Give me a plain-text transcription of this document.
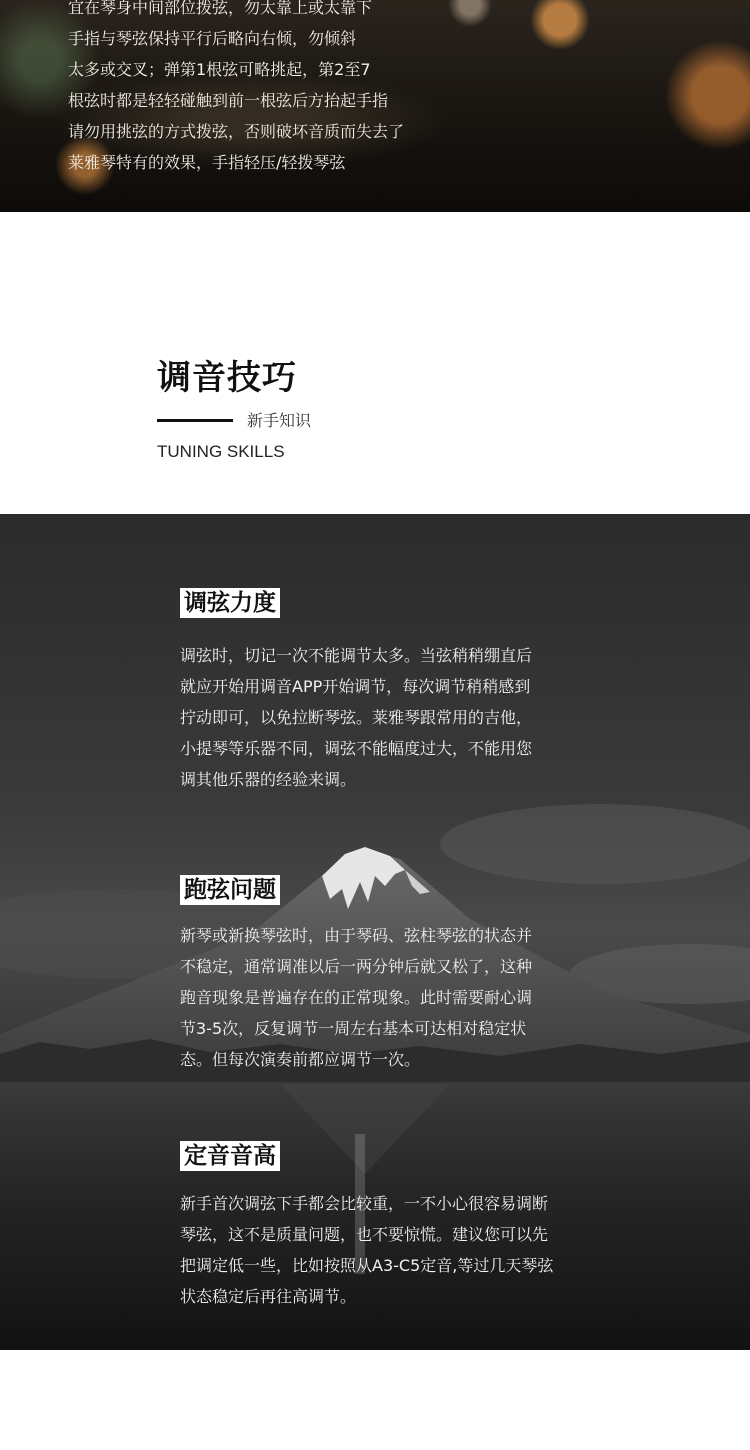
宜在琴身中间部位拨弦，勿太靠上或太靠下
手指与琴弦保持平行后略向右倾，勿倾斜
太多或交叉；弹第1根弦可略挑起，第2至7
根弦时都是轻轻碰触到前一根弦后方抬起手指
请勿用挑弦的方式拨弦，否则破坏音质而失去了
莱雅琴特有的效果，手指轻压/轻拨琴弦
调音技巧
新手知识
TUNING SKILLS
调弦力度
调弦时，切记一次不能调节太多。当弦稍稍绷直后
就应开始用调音APP开始调节，每次调节稍稍感到
拧动即可，以免拉断琴弦。莱雅琴跟常用的吉他，
小提琴等乐器不同，调弦不能幅度过大，不能用您
调其他乐器的经验来调。
跑弦问题
新琴或新换琴弦时，由于琴码、弦柱琴弦的状态并
不稳定，通常调准以后一两分钟后就又松了，这种
跑音现象是普遍存在的正常现象。此时需要耐心调
节3-5次，反复调节一周左右基本可达相对稳定状
态。但每次演奏前都应调节一次。
定音音高
新手首次调弦下手都会比较重，一不小心很容易调断
琴弦，这不是质量问题，也不要惊慌。建议您可以先
把调定低一些，比如按照从A3-C5定音,等过几天琴弦
状态稳定后再往高调节。
